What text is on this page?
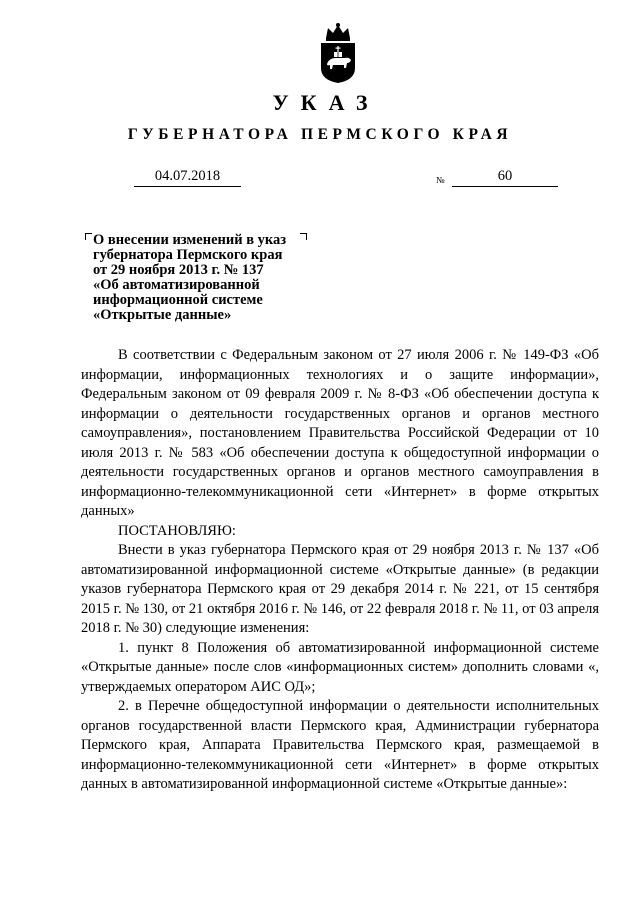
УКАЗ
ГУБЕРНАТОРА ПЕРМСКОГО КРАЯ
04.07.2018	№	60
О внесении изменений в указ
губернатора Пермского края
от 29 ноября 2013 г. № 137
«Об автоматизированной
информационной системе
«Открытые данные»

В соответствии с Федеральным законом от 27 июля 2006 г. № 149-ФЗ «Об информации, информационных технологиях и о защите информации», Федеральным законом от 09 февраля 2009 г. № 8-ФЗ «Об обеспечении доступа к информации о деятельности государственных органов и органов местного самоуправления», постановлением Правительства Российской Федерации от 10 июля 2013 г. № 583 «Об обеспечении доступа к общедоступной информации о деятельности государственных органов и органов местного самоуправления в информационно-телекоммуникационной сети «Интернет» в форме открытых данных»

ПОСТАНОВЛЯЮ:

Внести в указ губернатора Пермского края от 29 ноября 2013 г. № 137 «Об автоматизированной информационной системе «Открытые данные» (в редакции указов губернатора Пермского края от 29 декабря 2014 г. № 221, от 15 сентября 2015 г. № 130, от 21 октября 2016 г. № 146, от 22 февраля 2018 г. № 11, от 03 апреля 2018 г. № 30) следующие изменения:

1. пункт 8 Положения об автоматизированной информационной системе «Открытые данные» после слов «информационных систем» дополнить словами «, утверждаемых оператором АИС ОД»;

2. в Перечне общедоступной информации о деятельности исполнительных органов государственной власти Пермского края, Администрации губернатора Пермского края, Аппарата Правительства Пермского края, размещаемой в информационно-телекоммуникационной сети «Интернет» в форме открытых данных в автоматизированной информационной системе «Открытые данные»:
